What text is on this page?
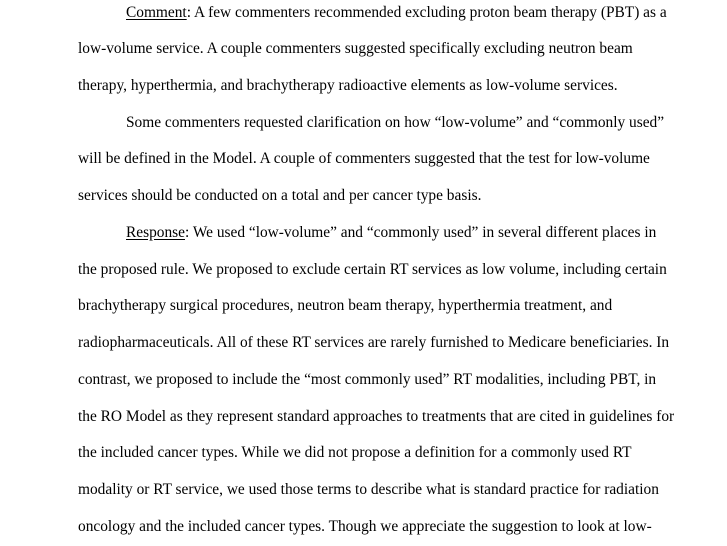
Comment: A few commenters recommended excluding proton beam therapy (PBT) as a
low-volume service. A couple commenters suggested specifically excluding neutron beam
therapy, hyperthermia, and brachytherapy radioactive elements as low-volume services.
Some commenters requested clarification on how “low-volume” and “commonly used”
will be defined in the Model. A couple of commenters suggested that the test for low-volume
services should be conducted on a total and per cancer type basis.
Response: We used “low-volume” and “commonly used” in several different places in
the proposed rule. We proposed to exclude certain RT services as low volume, including certain
brachytherapy surgical procedures, neutron beam therapy, hyperthermia treatment, and
radiopharmaceuticals. All of these RT services are rarely furnished to Medicare beneficiaries. In
contrast, we proposed to include the “most commonly used” RT modalities, including PBT, in
the RO Model as they represent standard approaches to treatments that are cited in guidelines for
the included cancer types. While we did not propose a definition for a commonly used RT
modality or RT service, we used those terms to describe what is standard practice for radiation
oncology and the included cancer types. Though we appreciate the suggestion to look at low-
